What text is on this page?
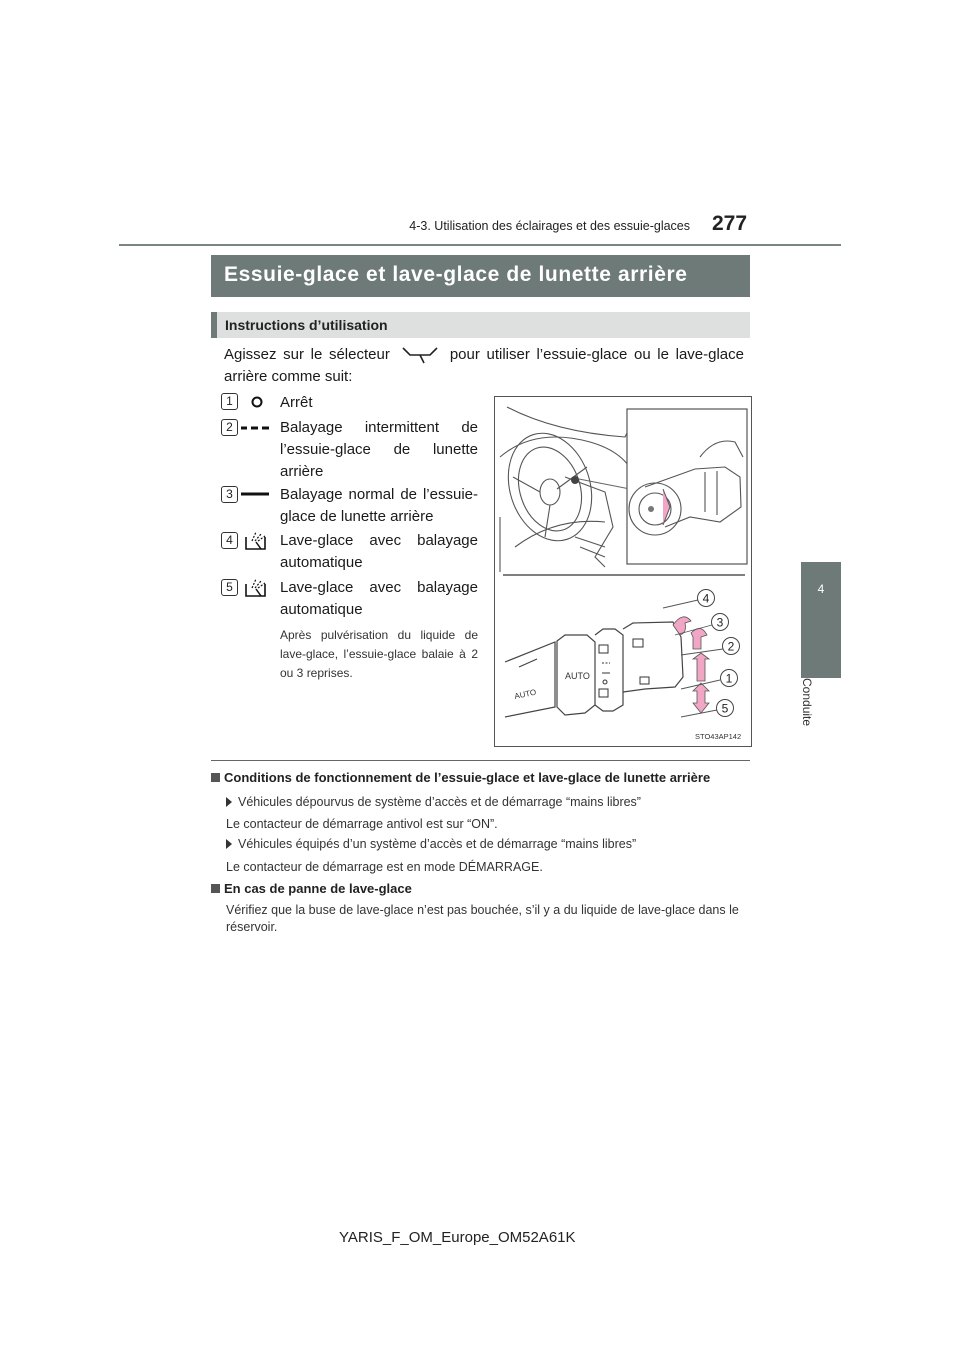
4-3. Utilisation des éclairages et des essuie-glaces 277
4
Conduite
Essuie-glace et lave-glace de lunette arrière
Instructions d’utilisation
Agissez sur le sélecteur	pour utiliser l’essuie-glace ou le lave-glace arrière comme suit:
1	Arrêt
2	Balayage intermittent de l’essuie-glace de lunette arrière
3	Balayage normal de l’essuie-glace de lunette arrière
4	Lave-glace avec balayage automatique
5	Lave-glace avec balayage automatique
Après pulvérisation du liquide de lave-glace, l’essuie-glace balaie à 2 ou 3 reprises.	AUTO
AUTO
4
3
2
1
5
STO43AP142
Conditions de fonctionnement de l’essuie-glace et lave-glace de lunette arrière
Véhicules dépourvus de système d’accès et de démarrage “mains libres”
Le contacteur de démarrage antivol est sur “ON”.
Véhicules équipés d’un système d’accès et de démarrage “mains libres”
Le contacteur de démarrage est en mode DÉMARRAGE.
En cas de panne de lave-glace
Vérifiez que la buse de lave-glace n’est pas bouchée, s’il y a du liquide de lave-glace dans le réservoir.
YARIS_F_OM_Europe_OM52A61K
